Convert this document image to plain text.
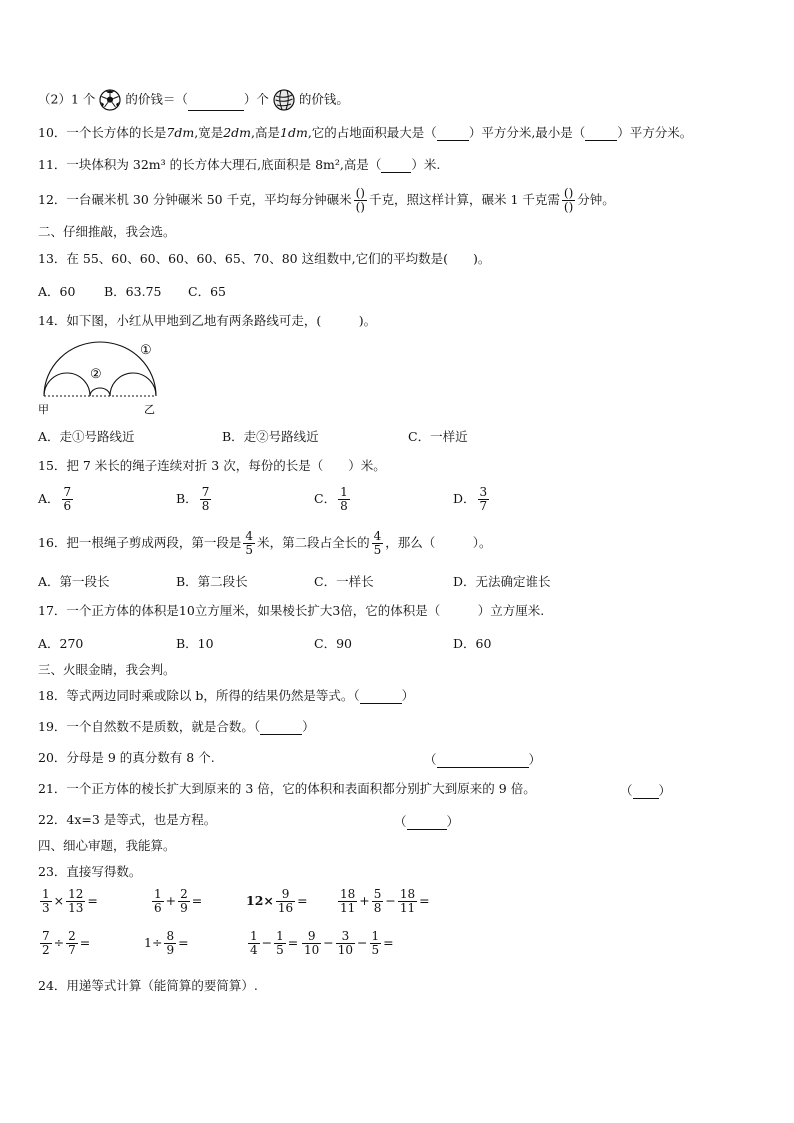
（2）1 个 的价钱＝（	）个 的价钱。
10．一个长方体的长是7dm,宽是2dm,高是1dm,它的占地面积最大是（	）平方分米,最小是（	）平方分米。
11．一块体积为 32m³ 的长方体大理石,底面积是 8m²,高是（ ）米.
12．一台碾米机 30 分钟碾米 50 千克，平均每分钟碾米 $\frac{()}{()}$ 千克，照这样计算，碾米 1 千克需 $\frac{()}{()}$ 分钟。
二、仔细推敲，我会选。
13．在 55、60、60、60、60、65、70、80 这组数中,它们的平均数是(　　)。
A．60 B．63.75 C．65
14．如下图，小红从甲地到乙地有两条路线可走，(　　　)。
①
②
甲	乙
A．走①号路线近	B．走②号路线近	C．一样近
15．把 7 米长的绳子连续对折 3 次，每份的长是（　　）米。
A． $\frac{7}{6}$	B． $\frac{7}{8}$	C． $\frac{1}{8}$	D． $\frac{3}{7}$
16．把一根绳子剪成两段，第一段是 $\frac{4}{5}$ 米，第二段占全长的 $\frac{4}{5}$ ，那么（　　　）。
A．第一段长	B．第二段长	C．一样长	D．无法确定谁长
17．一个正方体的体积是10立方厘米，如果棱长扩大3倍，它的体积是（　　　）立方厘米.
A．270	B．10	C．90	D．60
三、火眼金睛，我会判。
18．等式两边同时乘或除以 b，所得的结果仍然是等式。（	）
19．一个自然数不是质数，就是合数。（	）
20．分母是 9 的真分数有 8 个.	（	）
21．一个正方体的棱长扩大到原来的 3 倍，它的体积和表面积都分别扩大到原来的 9 倍。	（ ）
22．4x=3 是等式，也是方程。	（	）
四、细心审题，我能算。
23．直接写得数。
$\frac{1}{3} \times \frac{12}{13}$ =	$\frac{1}{6} + \frac{2}{9}$ =	$12\times \frac{9}{16}$ =	$\frac{18}{11} + \frac{5}{8} - \frac{18}{11}$ =
$\frac{7}{2} \div \frac{2}{7}$ =	$1\div \frac{8}{9}$ =	$\frac{1}{4} - \frac{1}{5} = \frac{9}{10} - \frac{3}{10} - \frac{1}{5}$ =
24．用递等式计算（能简算的要简算）.
